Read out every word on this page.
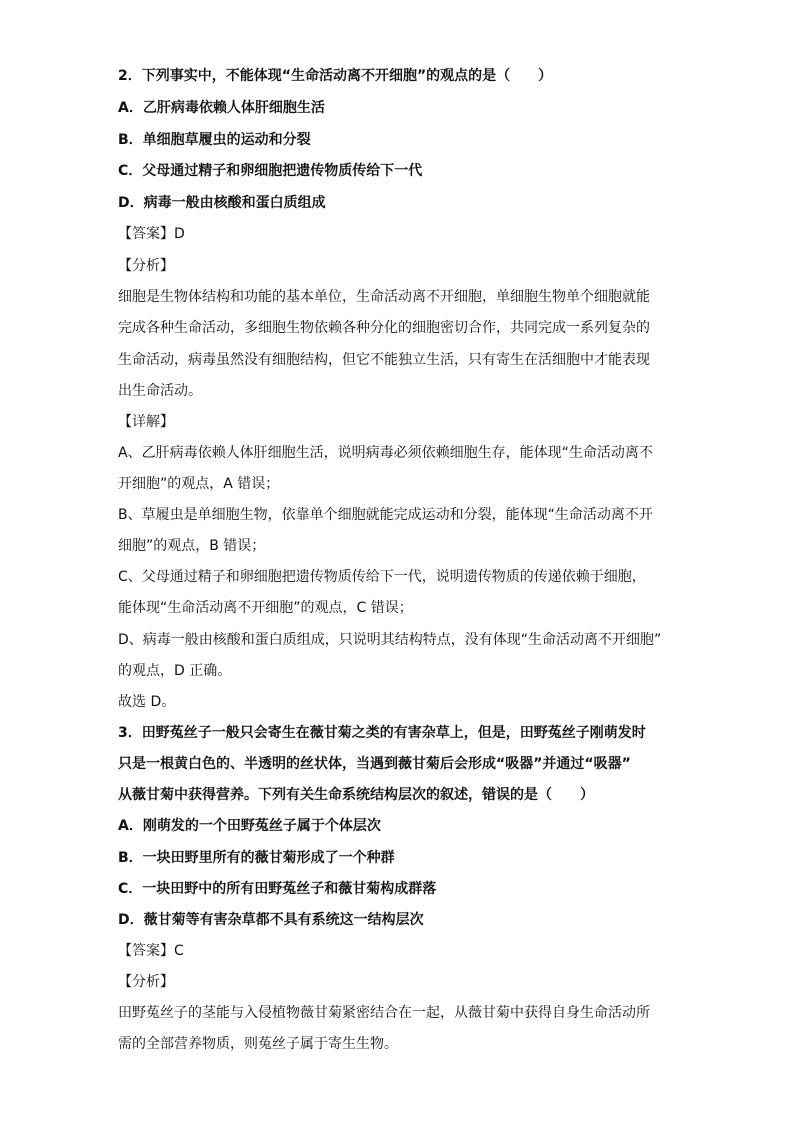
2．下列事实中，不能体现“生命活动离不开细胞”的观点的是（　　）
A．乙肝病毒依赖人体肝细胞生活
B．单细胞草履虫的运动和分裂
C．父母通过精子和卵细胞把遗传物质传给下一代
D．病毒一般由核酸和蛋白质组成
【答案】D
【分析】
细胞是生物体结构和功能的基本单位，生命活动离不开细胞，单细胞生物单个细胞就能
完成各种生命活动，多细胞生物依赖各种分化的细胞密切合作，共同完成一系列复杂的
生命活动，病毒虽然没有细胞结构，但它不能独立生活，只有寄生在活细胞中才能表现
出生命活动。
【详解】
A、乙肝病毒依赖人体肝细胞生活，说明病毒必须依赖细胞生存，能体现“生命活动离不
开细胞”的观点，A 错误；
B、草履虫是单细胞生物，依靠单个细胞就能完成运动和分裂，能体现“生命活动离不开
细胞”的观点，B 错误；
C、父母通过精子和卵细胞把遗传物质传给下一代，说明遗传物质的传递依赖于细胞，
能体现“生命活动离不开细胞”的观点，C 错误；
D、病毒一般由核酸和蛋白质组成，只说明其结构特点，没有体现“生命活动离不开细胞”
的观点，D 正确。
故选 D。
3．田野菟丝子一般只会寄生在薇甘菊之类的有害杂草上，但是，田野菟丝子刚萌发时
只是一根黄白色的、半透明的丝状体，当遇到薇甘菊后会形成“吸器”并通过“吸器”
从薇甘菊中获得营养。下列有关生命系统结构层次的叙述，错误的是（　　）
A．刚萌发的一个田野菟丝子属于个体层次
B．一块田野里所有的薇甘菊形成了一个种群
C．一块田野中的所有田野菟丝子和薇甘菊构成群落
D．薇甘菊等有害杂草都不具有系统这一结构层次
【答案】C
【分析】
田野菟丝子的茎能与入侵植物薇甘菊紧密结合在一起，从薇甘菊中获得自身生命活动所
需的全部营养物质，则菟丝子属于寄生生物。
